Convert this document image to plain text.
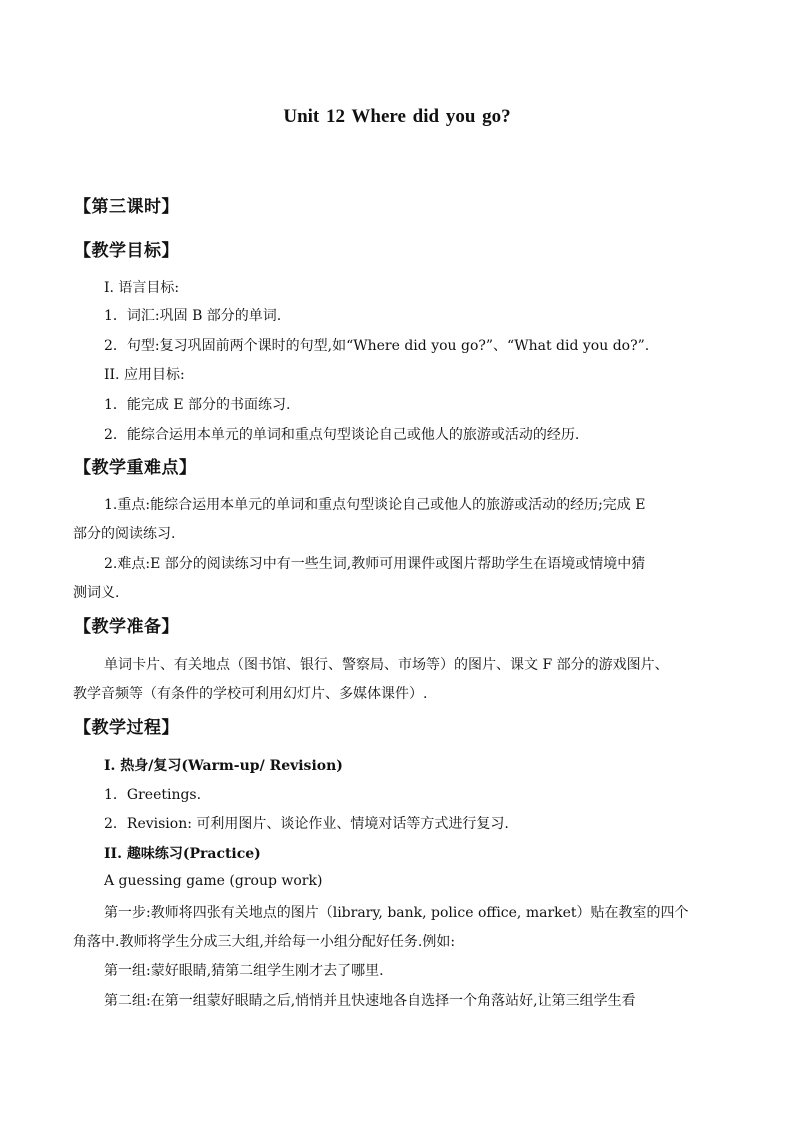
Unit 12 Where did you go?
【第三课时】
【教学目标】
I. 语言目标:
1．词汇:巩固 B 部分的单词.
2．句型:复习巩固前两个课时的句型,如“Where did you go?”、“What did you do?”.
II. 应用目标:
1．能完成 E 部分的书面练习.
2．能综合运用本单元的单词和重点句型谈论自己或他人的旅游或活动的经历.
【教学重难点】
1.重点:能综合运用本单元的单词和重点句型谈论自己或他人的旅游或活动的经历;完成 E
部分的阅读练习.
2.难点:E 部分的阅读练习中有一些生词,教师可用课件或图片帮助学生在语境或情境中猜
测词义.
【教学准备】
单词卡片、有关地点（图书馆、银行、警察局、市场等）的图片、课文 F 部分的游戏图片、
教学音频等（有条件的学校可利用幻灯片、多媒体课件）.
【教学过程】
I. 热身/复习(Warm-up/ Revision)
1．Greetings.
2．Revision: 可利用图片、谈论作业、情境对话等方式进行复习.
II. 趣味练习(Practice)
A guessing game (group work)
第一步:教师将四张有关地点的图片（library, bank, police office, market）贴在教室的四个
角落中.教师将学生分成三大组,并给每一小组分配好任务.例如:
第一组:蒙好眼睛,猜第二组学生刚才去了哪里.
第二组:在第一组蒙好眼睛之后,悄悄并且快速地各自选择一个角落站好,让第三组学生看
